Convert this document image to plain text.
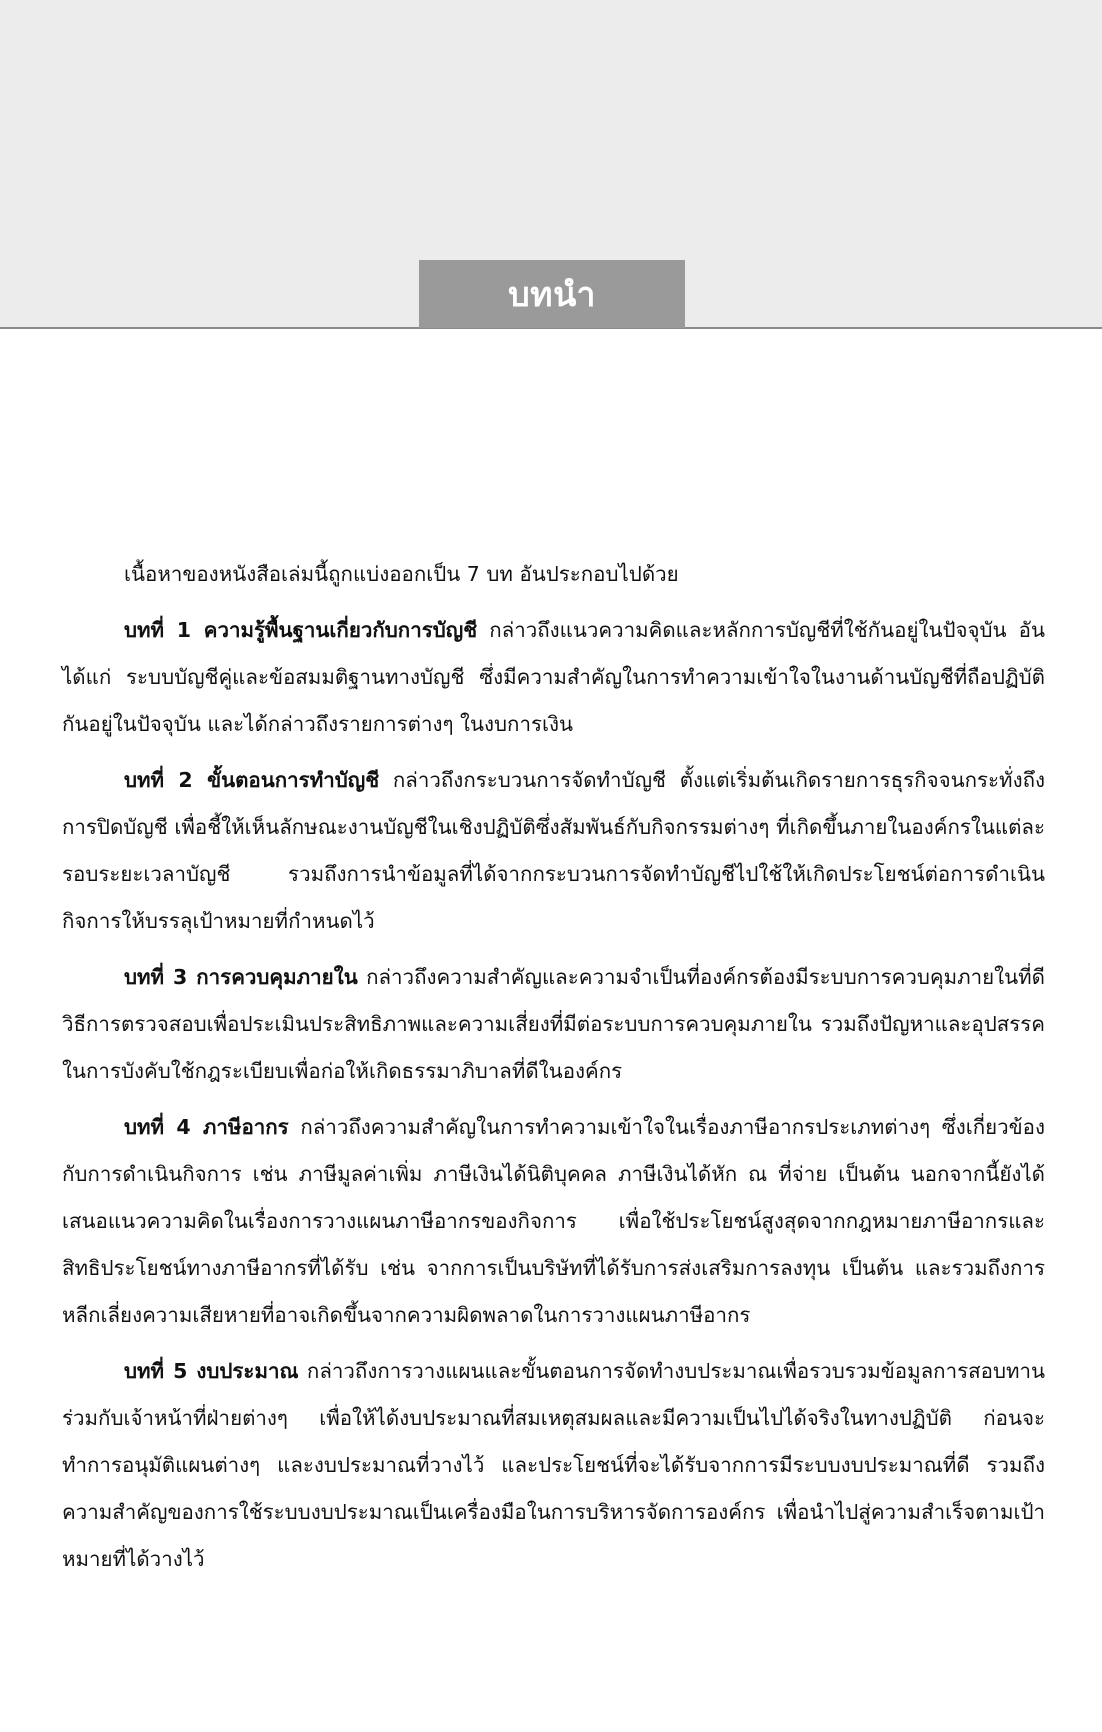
บทนำ

เนื้อหาของหนังสือเล่มนี้ถูกแบ่งออกเป็น 7 บท อันประกอบไปด้วย

บทที่ 1 ความรู้พื้นฐานเกี่ยวกับการบัญชี กล่าวถึงแนวความคิดและหลักการบัญชีที่ใช้กันอยู่ในปัจจุบัน อันได้แก่ ระบบบัญชีคู่และข้อสมมติฐานทางบัญชี ซึ่งมีความสำคัญในการทำความเข้าใจในงานด้านบัญชีที่ถือปฏิบัติกันอยู่ในปัจจุบัน และได้กล่าวถึงรายการต่างๆ ในงบการเงิน

บทที่ 2 ขั้นตอนการทำบัญชี กล่าวถึงกระบวนการจัดทำบัญชี ตั้งแต่เริ่มต้นเกิดรายการธุรกิจจนกระทั่งถึงการปิดบัญชี เพื่อชี้ให้เห็นลักษณะงานบัญชีในเชิงปฏิบัติซึ่งสัมพันธ์กับกิจกรรมต่างๆ ที่เกิดขึ้นภายในองค์กรในแต่ละรอบระยะเวลาบัญชี รวมถึงการนำข้อมูลที่ได้จากกระบวนการจัดทำบัญชีไปใช้ให้เกิดประโยชน์ต่อการดำเนินกิจการให้บรรลุเป้าหมายที่กำหนดไว้

บทที่ 3 การควบคุมภายใน กล่าวถึงความสำคัญและความจำเป็นที่องค์กรต้องมีระบบการควบคุมภายในที่ดี วิธีการตรวจสอบเพื่อประเมินประสิทธิภาพและความเสี่ยงที่มีต่อระบบการควบคุมภายใน รวมถึงปัญหาและอุปสรรคในการบังคับใช้กฎระเบียบเพื่อก่อให้เกิดธรรมาภิบาลที่ดีในองค์กร

บทที่ 4 ภาษีอากร กล่าวถึงความสำคัญในการทำความเข้าใจในเรื่องภาษีอากรประเภทต่างๆ ซึ่งเกี่ยวข้องกับการดำเนินกิจการ เช่น ภาษีมูลค่าเพิ่ม ภาษีเงินได้นิติบุคคล ภาษีเงินได้หัก ณ ที่จ่าย เป็นต้น นอกจากนี้ยังได้เสนอแนวความคิดในเรื่องการวางแผนภาษีอากรของกิจการ เพื่อใช้ประโยชน์สูงสุดจากกฎหมายภาษีอากรและสิทธิประโยชน์ทางภาษีอากรที่ได้รับ เช่น จากการเป็นบริษัทที่ได้รับการส่งเสริมการลงทุน เป็นต้น และรวมถึงการหลีกเลี่ยงความเสียหายที่อาจเกิดขึ้นจากความผิดพลาดในการวางแผนภาษีอากร

บทที่ 5 งบประมาณ กล่าวถึงการวางแผนและขั้นตอนการจัดทำงบประมาณเพื่อรวบรวมข้อมูลการสอบทานร่วมกับเจ้าหน้าที่ฝ่ายต่างๆ เพื่อให้ได้งบประมาณที่สมเหตุสมผลและมีความเป็นไปได้จริงในทางปฏิบัติ ก่อนจะทำการอนุมัติแผนต่างๆ และงบประมาณที่วางไว้ และประโยชน์ที่จะได้รับจากการมีระบบงบประมาณที่ดี รวมถึงความสำคัญของการใช้ระบบงบประมาณเป็นเครื่องมือในการบริหารจัดการองค์กร เพื่อนำไปสู่ความสำเร็จตามเป้าหมายที่ได้วางไว้
